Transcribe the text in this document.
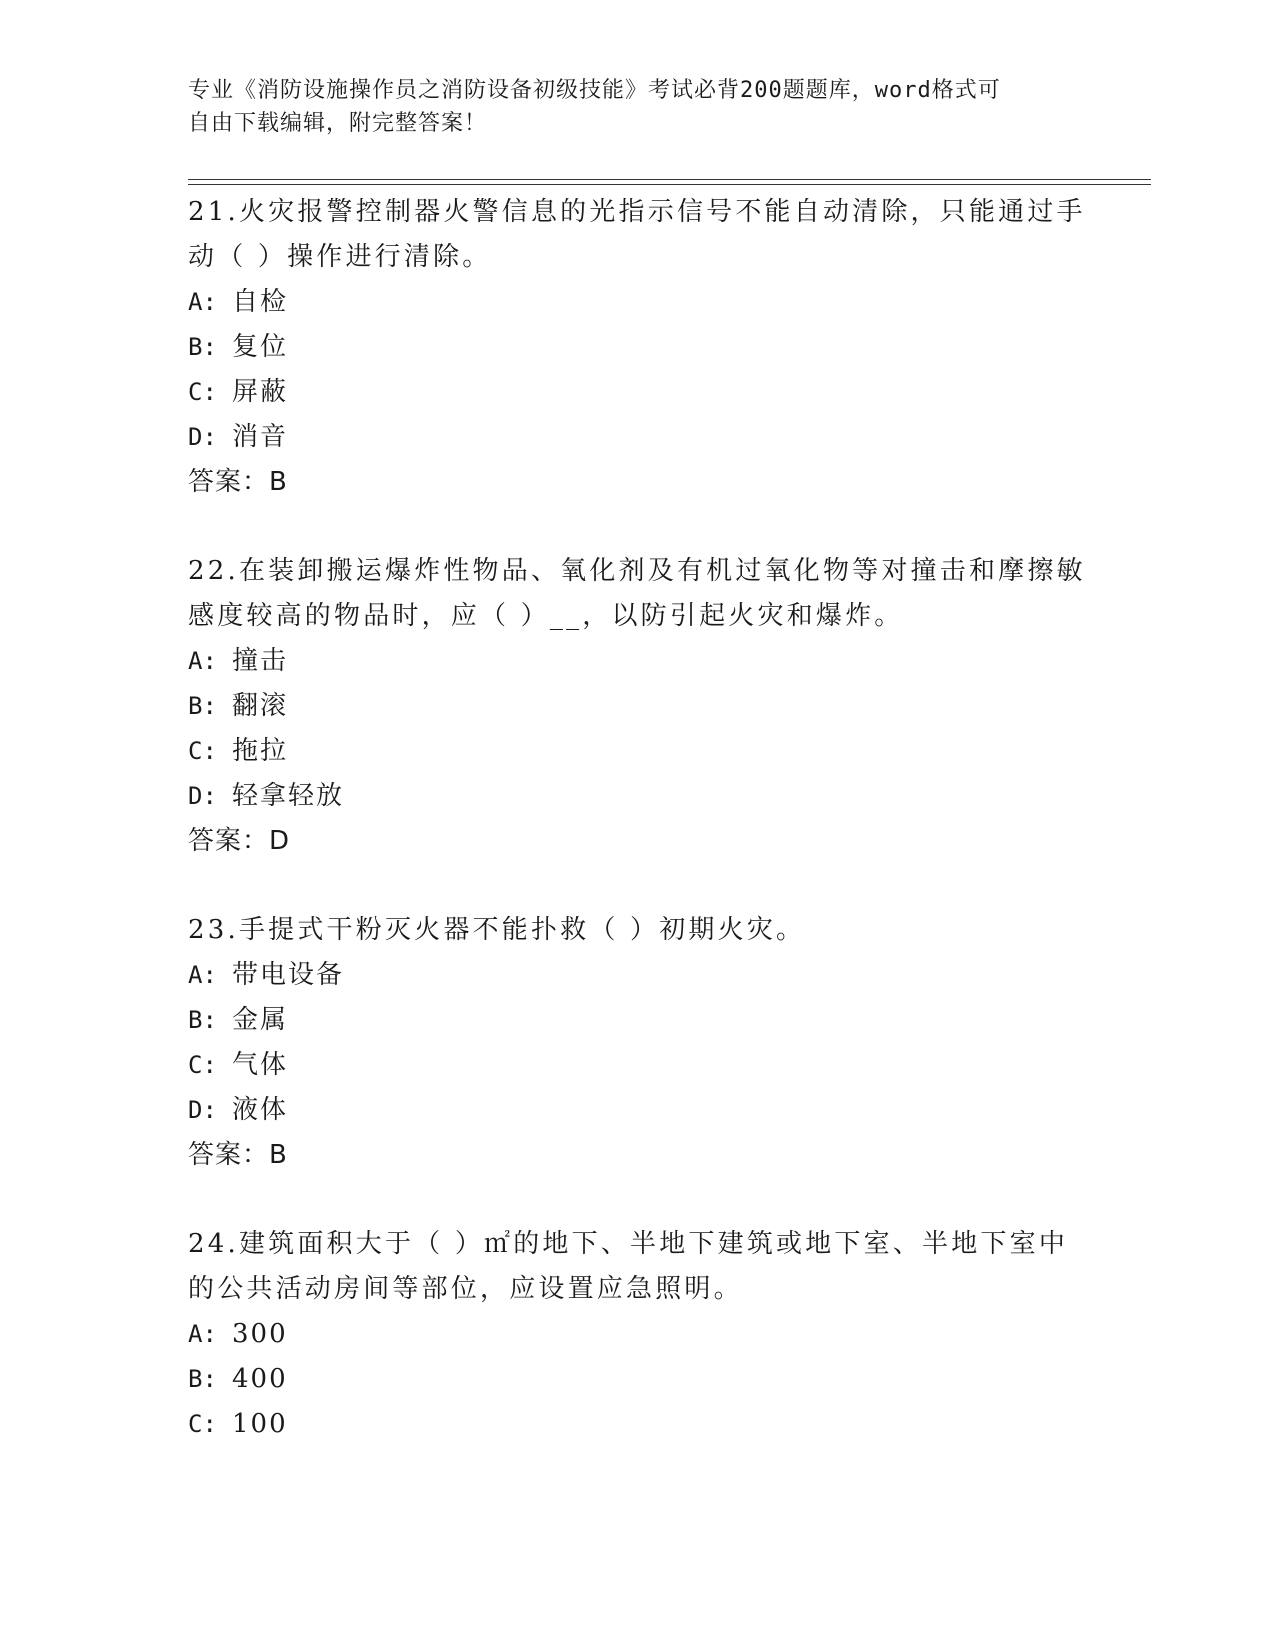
专业《消防设施操作员之消防设备初级技能》考试必背200题题库，word格式可
自由下载编辑，附完整答案！

21.火灾报警控制器火警信息的光指示信号不能自动清除，只能通过手动（ ）操作进行清除。

A: 自检
B: 复位
C: 屏蔽
D: 消音

答案：B

22.在装卸搬运爆炸性物品、氧化剂及有机过氧化物等对撞击和摩擦敏感度较高的物品时，应（ ）__，以防引起火灾和爆炸。

A: 撞击
B: 翻滚
C: 拖拉
D: 轻拿轻放

答案：D

23.手提式干粉灭火器不能扑救（ ）初期火灾。

A: 带电设备
B: 金属
C: 气体
D: 液体

答案：B

24.建筑面积大于（ ）㎡的地下、半地下建筑或地下室、半地下室中的公共活动房间等部位，应设置应急照明。

A: 300
B: 400
C: 100
